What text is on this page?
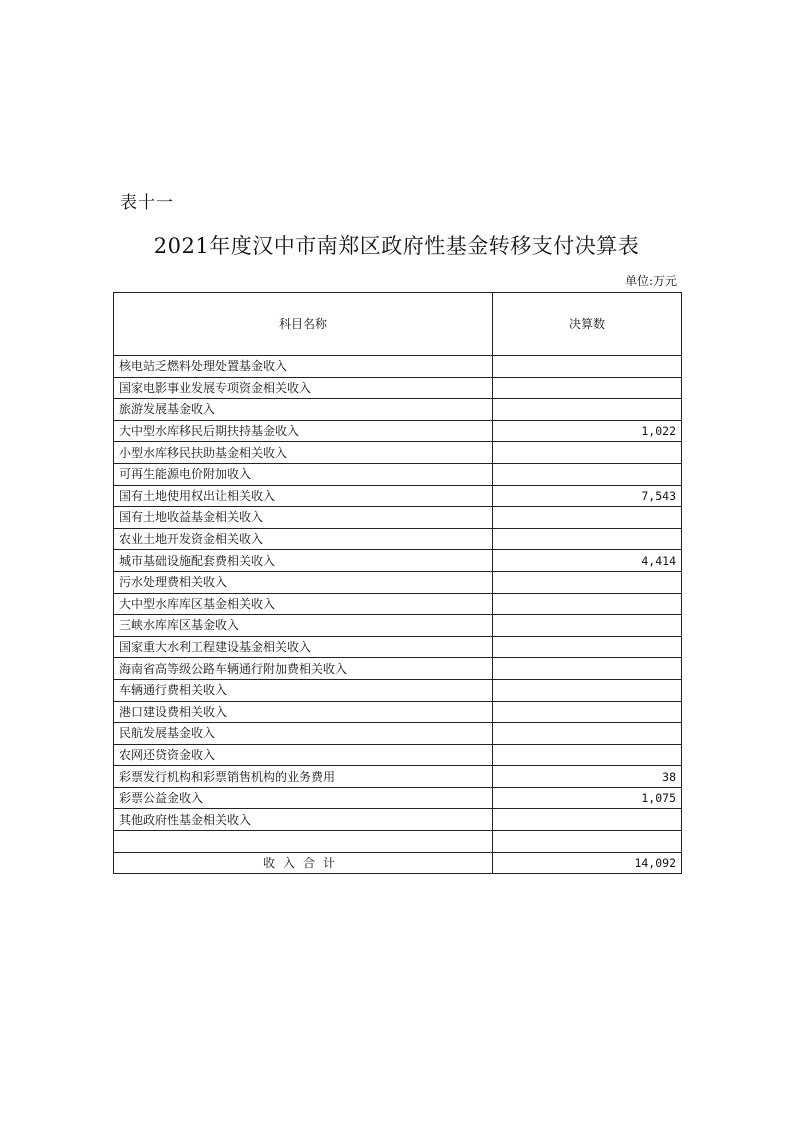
表十一
2021年度汉中市南郑区政府性基金转移支付决算表
单位:万元
科目名称	决算数
核电站乏燃料处理处置基金收入	
国家电影事业发展专项资金相关收入	
旅游发展基金收入	
大中型水库移民后期扶持基金收入	1,022
小型水库移民扶助基金相关收入	
可再生能源电价附加收入	
国有土地使用权出让相关收入	7,543
国有土地收益基金相关收入	
农业土地开发资金相关收入	
城市基础设施配套费相关收入	4,414
污水处理费相关收入	
大中型水库库区基金相关收入	
三峡水库库区基金收入	
国家重大水利工程建设基金相关收入	
海南省高等级公路车辆通行附加费相关收入	
车辆通行费相关收入	
港口建设费相关收入	
民航发展基金收入	
农网还贷资金收入	
彩票发行机构和彩票销售机构的业务费用	38
彩票公益金收入	1,075
其他政府性基金相关收入	

收入合计	14,092
